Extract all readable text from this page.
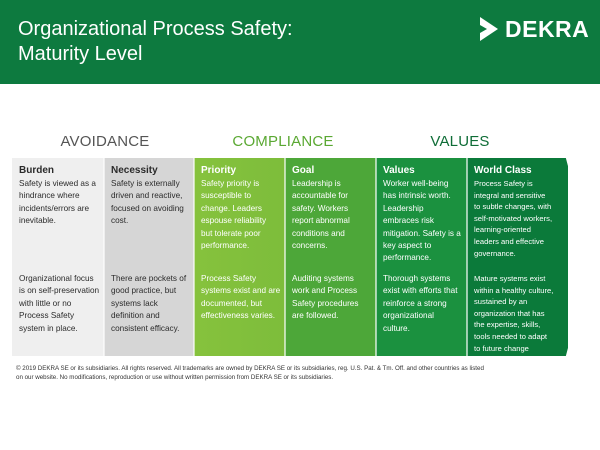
Organizational Process Safety:
Maturity Level
DEKRA
AVOIDANCE	COMPLIANCE	VALUES
Burden
Safety is viewed as a hindrance where incidents/errors are inevitable.
Organizational focus is on self-preservation with little or no Process Safety system in place.
Necessity
Safety is externally driven and reactive, focused on avoiding cost.
There are pockets of good practice, but systems lack definition and consistent efficacy.
Priority
Safety priority is susceptible to change. Leaders espouse reliability but tolerate poor performance.
Process Safety systems exist and are documented, but effectiveness varies.
Goal
Leadership is accountable for safety. Workers report abnormal conditions and concerns.
Auditing systems work and Process Safety procedures are followed.
Values
Worker well-being has intrinsic worth. Leadership embraces risk mitigation. Safety is a key aspect to performance.
Thorough systems exist with efforts that reinforce a strong organizational culture.
World Class
Process Safety is integral and sensitive to subtle changes, with self-motivated workers, learning-oriented leaders and effective governance.
Mature systems exist within a healthy culture, sustained by an organization that has the expertise, skills, tools needed to adapt to future change
© 2019 DEKRA SE or its subsidiaries. All rights reserved. All trademarks are owned by DEKRA SE or its subsidiaries, reg. U.S. Pat. & Tm. Off. and other countries as listed
on our website. No modifications, reproduction or use without written permission from DEKRA SE or its subsidiaries.
